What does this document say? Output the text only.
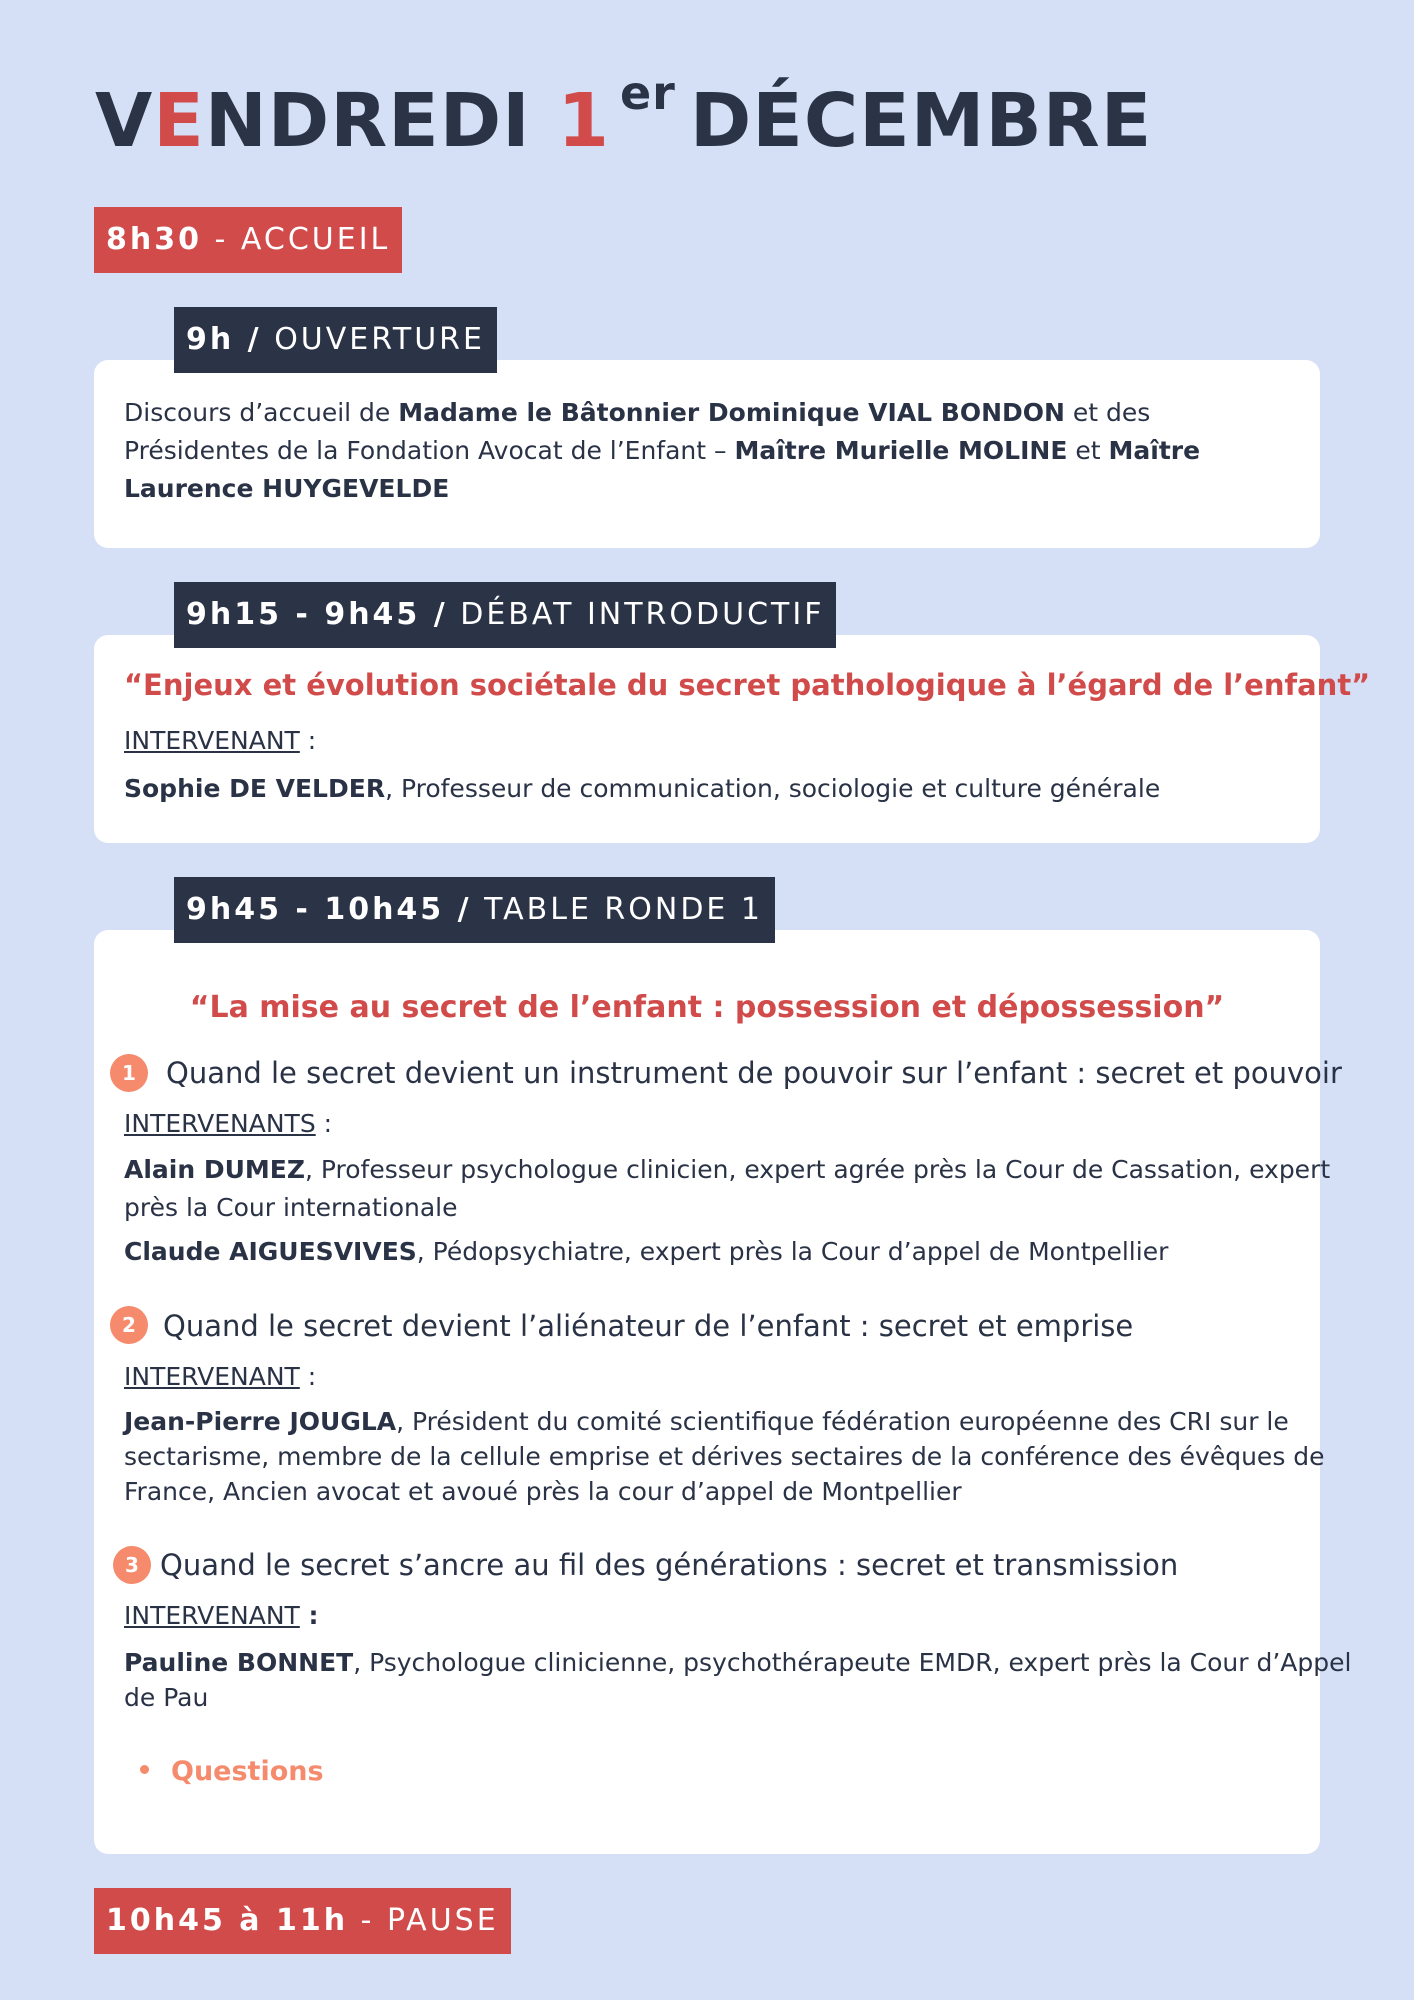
VENDREDI 1 $^{er}$ DÉCEMBRE
8h30 - ACCUEIL
9h / OUVERTURE
Discours d’accueil de Madame le Bâtonnier Dominique VIAL BONDON et des
Présidentes de la Fondation Avocat de l’Enfant – Maître Murielle MOLINE et Maître
Laurence HUYGEVELDE
9h15 - 9h45 / DÉBAT INTRODUCTIF
“Enjeux et évolution sociétale du secret pathologique à l’égard de l’enfant”
INTERVENANT :
Sophie DE VELDER, Professeur de communication, sociologie et culture générale
9h45 - 10h45 / TABLE RONDE 1
“La mise au secret de l’enfant : possession et dépossession”
1	Quand le secret devient un instrument de pouvoir sur l’enfant : secret et pouvoir
INTERVENANTS :
Alain DUMEZ, Professeur psychologue clinicien, expert agrée près la Cour de Cassation, expert
près la Cour internationale
Claude AIGUESVIVES, Pédopsychiatre, expert près la Cour d’appel de Montpellier
2 Quand le secret devient l’aliénateur de l’enfant : secret et emprise
INTERVENANT :
Jean-Pierre JOUGLA, Président du comité scientifique fédération européenne des CRI sur le
sectarisme, membre de la cellule emprise et dérives sectaires de la conférence des évêques de
France, Ancien avocat et avoué près la cour d’appel de Montpellier
3 Quand le secret s’ancre au fil des générations : secret et transmission
INTERVENANT :
Pauline BONNET, Psychologue clinicienne, psychothérapeute EMDR, expert près la Cour d’Appel
de Pau
Questions
10h45 à 11h - PAUSE
